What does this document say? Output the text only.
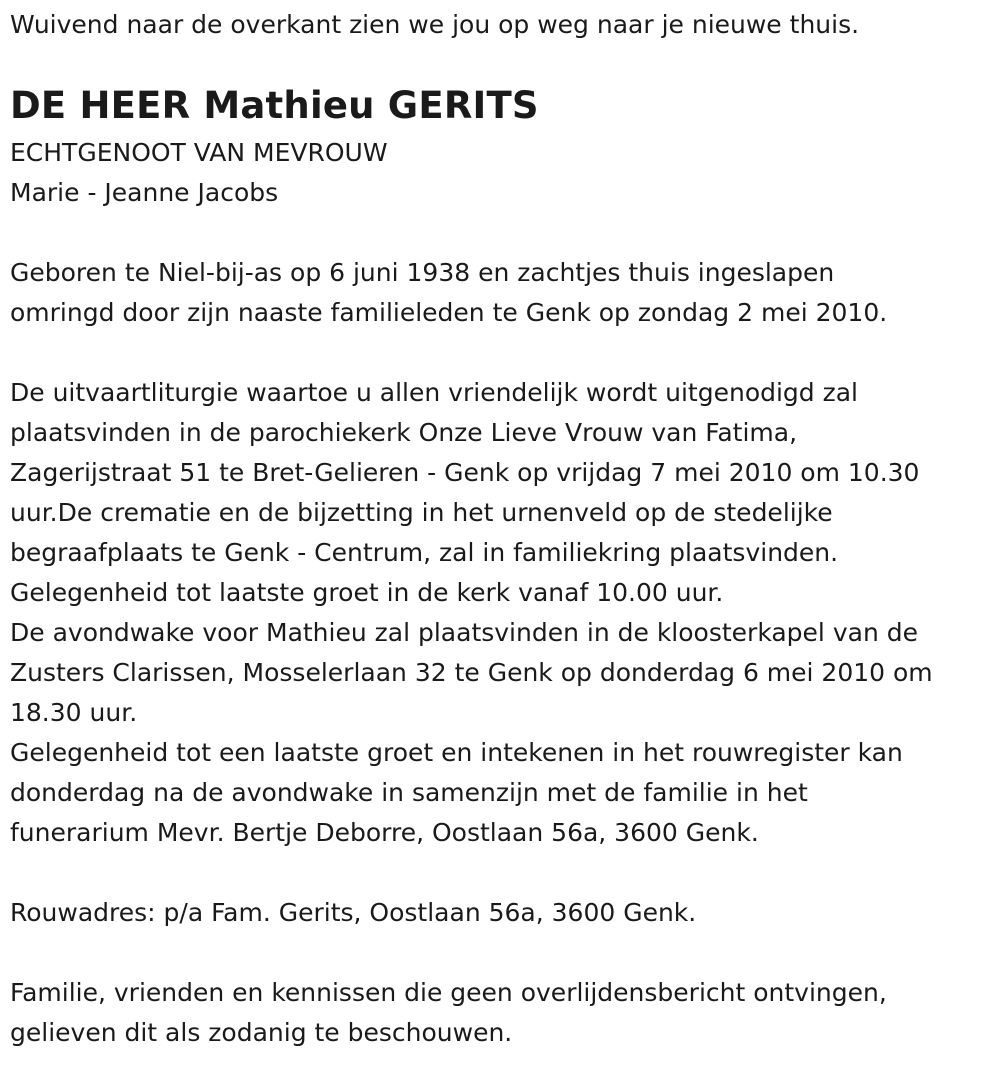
Wuivend naar de overkant zien we jou op weg naar je nieuwe thuis.
DE HEER Mathieu GERITS
ECHTGENOOT VAN MEVROUW
Marie - Jeanne Jacobs
Geboren te Niel-bij-as op 6 juni 1938 en zachtjes thuis ingeslapen
omringd door zijn naaste familieleden te Genk op zondag 2 mei 2010.
De uitvaartliturgie waartoe u allen vriendelijk wordt uitgenodigd zal
plaatsvinden in de parochiekerk Onze Lieve Vrouw van Fatima,
Zagerijstraat 51 te Bret-Gelieren - Genk op vrijdag 7 mei 2010 om 10.30
uur.De crematie en de bijzetting in het urnenveld op de stedelijke
begraafplaats te Genk - Centrum, zal in familiekring plaatsvinden.
Gelegenheid tot laatste groet in de kerk vanaf 10.00 uur.
De avondwake voor Mathieu zal plaatsvinden in de kloosterkapel van de
Zusters Clarissen, Mosselerlaan 32 te Genk op donderdag 6 mei 2010 om
18.30 uur.
Gelegenheid tot een laatste groet en intekenen in het rouwregister kan
donderdag na de avondwake in samenzijn met de familie in het
funerarium Mevr. Bertje Deborre, Oostlaan 56a, 3600 Genk.
Rouwadres: p/a Fam. Gerits, Oostlaan 56a, 3600 Genk.
Familie, vrienden en kennissen die geen overlijdensbericht ontvingen,
gelieven dit als zodanig te beschouwen.
